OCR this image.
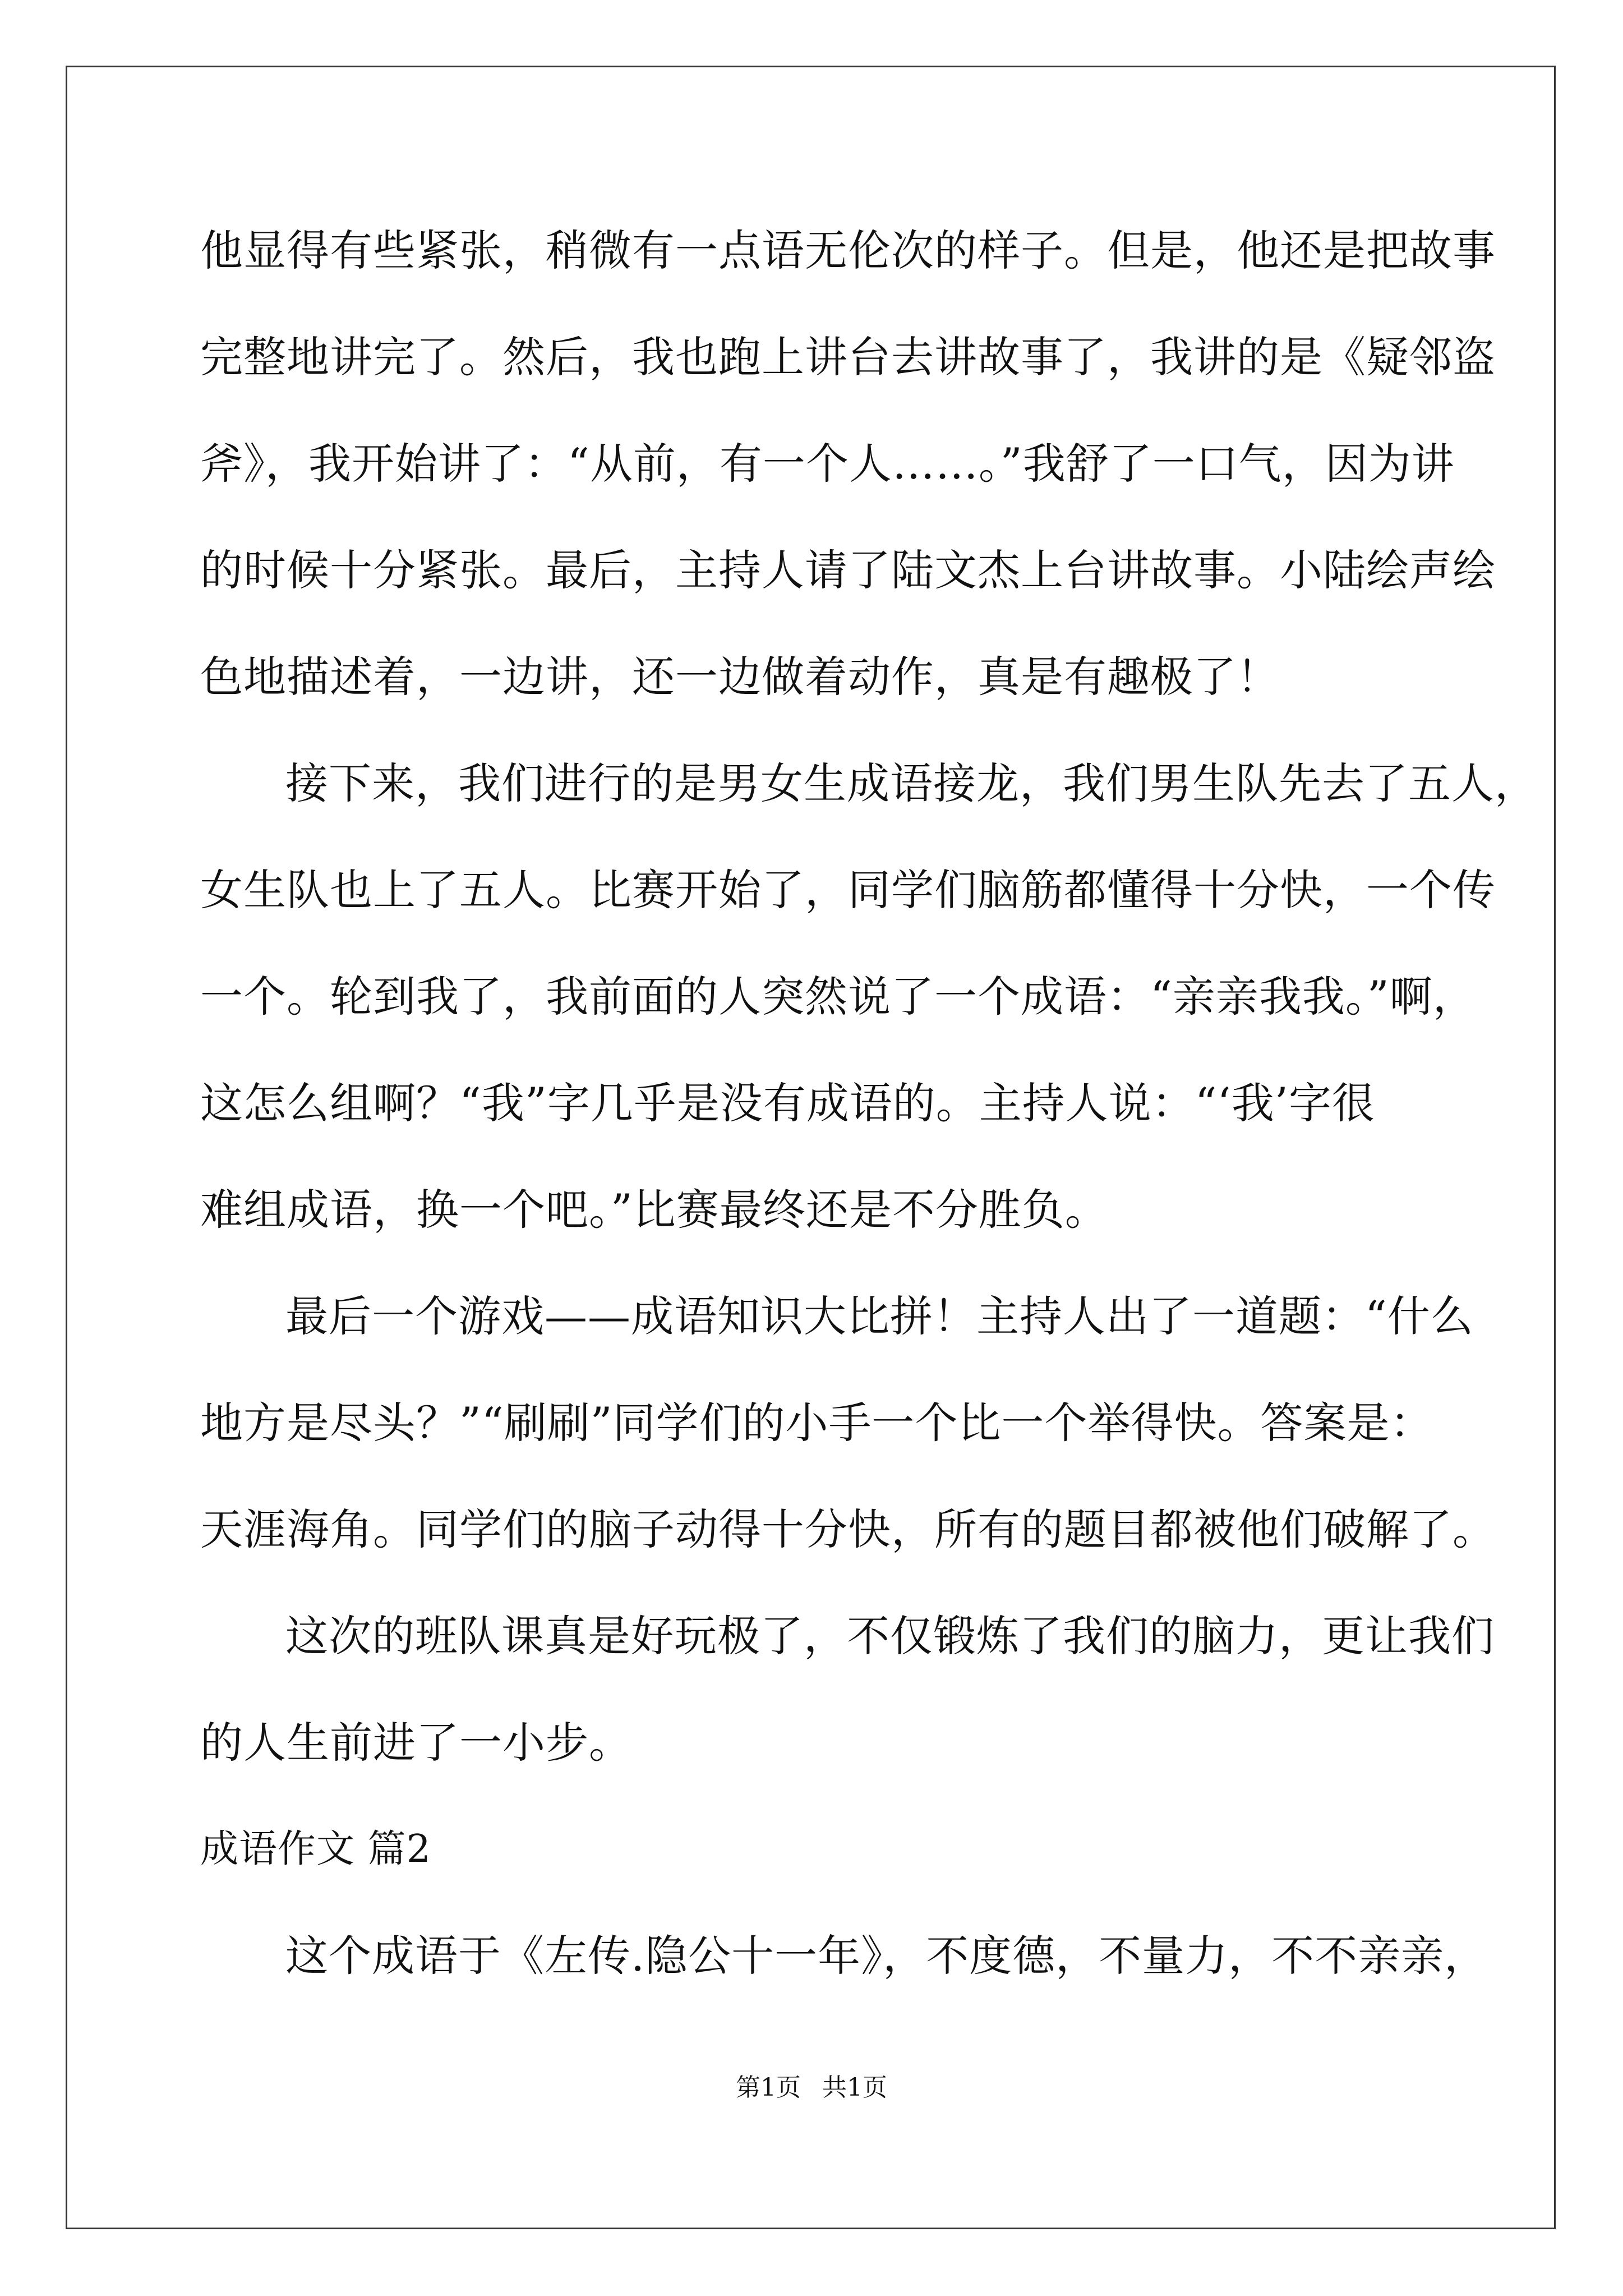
他显得有些紧张，稍微有一点语无伦次的样子。但是，他还是把故事
完整地讲完了。然后，我也跑上讲台去讲故事了，我讲的是《疑邻盗
斧》，我开始讲了：“从前，有一个人……。”我舒了一口气，因为讲
的时候十分紧张。最后，主持人请了陆文杰上台讲故事。小陆绘声绘
色地描述着，一边讲，还一边做着动作，真是有趣极了！
接下来，我们进行的是男女生成语接龙，我们男生队先去了五人，
女生队也上了五人。比赛开始了，同学们脑筋都懂得十分快，一个传
一个。轮到我了，我前面的人突然说了一个成语：“亲亲我我。”啊，
这怎么组啊？“我”字几乎是没有成语的。主持人说：“‘我’字很
难组成语，换一个吧。”比赛最终还是不分胜负。
最后一个游戏——成语知识大比拼！主持人出了一道题：“什么
地方是尽头？”“刷刷”同学们的小手一个比一个举得快。答案是：
天涯海角。同学们的脑子动得十分快，所有的题目都被他们破解了。
这次的班队课真是好玩极了，不仅锻炼了我们的脑力，更让我们
的人生前进了一小步。
成语作文 篇2
这个成语于《左传.隐公十一年》，不度德，不量力，不不亲亲，
第1页 共1页
